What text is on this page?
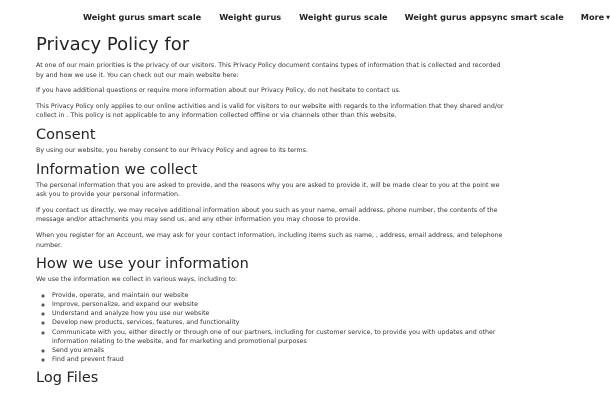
Weight gurus smart scale Weight gurus Weight gurus scale Weight gurus appsync smart scale More ▼
Privacy Policy for

At one of our main priorities is the privacy of our visitors. This Privacy Policy document contains types of information that is collected and recorded by and how we use it. You can check out our main website here:

If you have additional questions or require more information about our Privacy Policy, do not hesitate to contact us.

This Privacy Policy only applies to our online activities and is valid for visitors to our website with regards to the information that they shared and/or collect in . This policy is not applicable to any information collected offline or via channels other than this website.

Consent

By using our website, you hereby consent to our Privacy Policy and agree to its terms.

Information we collect

The personal information that you are asked to provide, and the reasons why you are asked to provide it, will be made clear to you at the point we ask you to provide your personal information.

If you contact us directly, we may receive additional information about you such as your name, email address, phone number, the contents of the message and/or attachments you may send us, and any other information you may choose to provide.

When you register for an Account, we may ask for your contact information, including items such as name, , address, email address, and telephone number.

How we use your information

We use the information we collect in various ways, including to:

◦ Provide, operate, and maintain our website
◦ Improve, personalize, and expand our website
◦ Understand and analyze how you use our website
◦ Develop new products, services, features, and functionality
◦ Communicate with you, either directly or through one of our partners, including for customer service, to provide you with updates and other information relating to the website, and for marketing and promotional purposes
◦ Send you emails
◦ Find and prevent fraud
Log Files
